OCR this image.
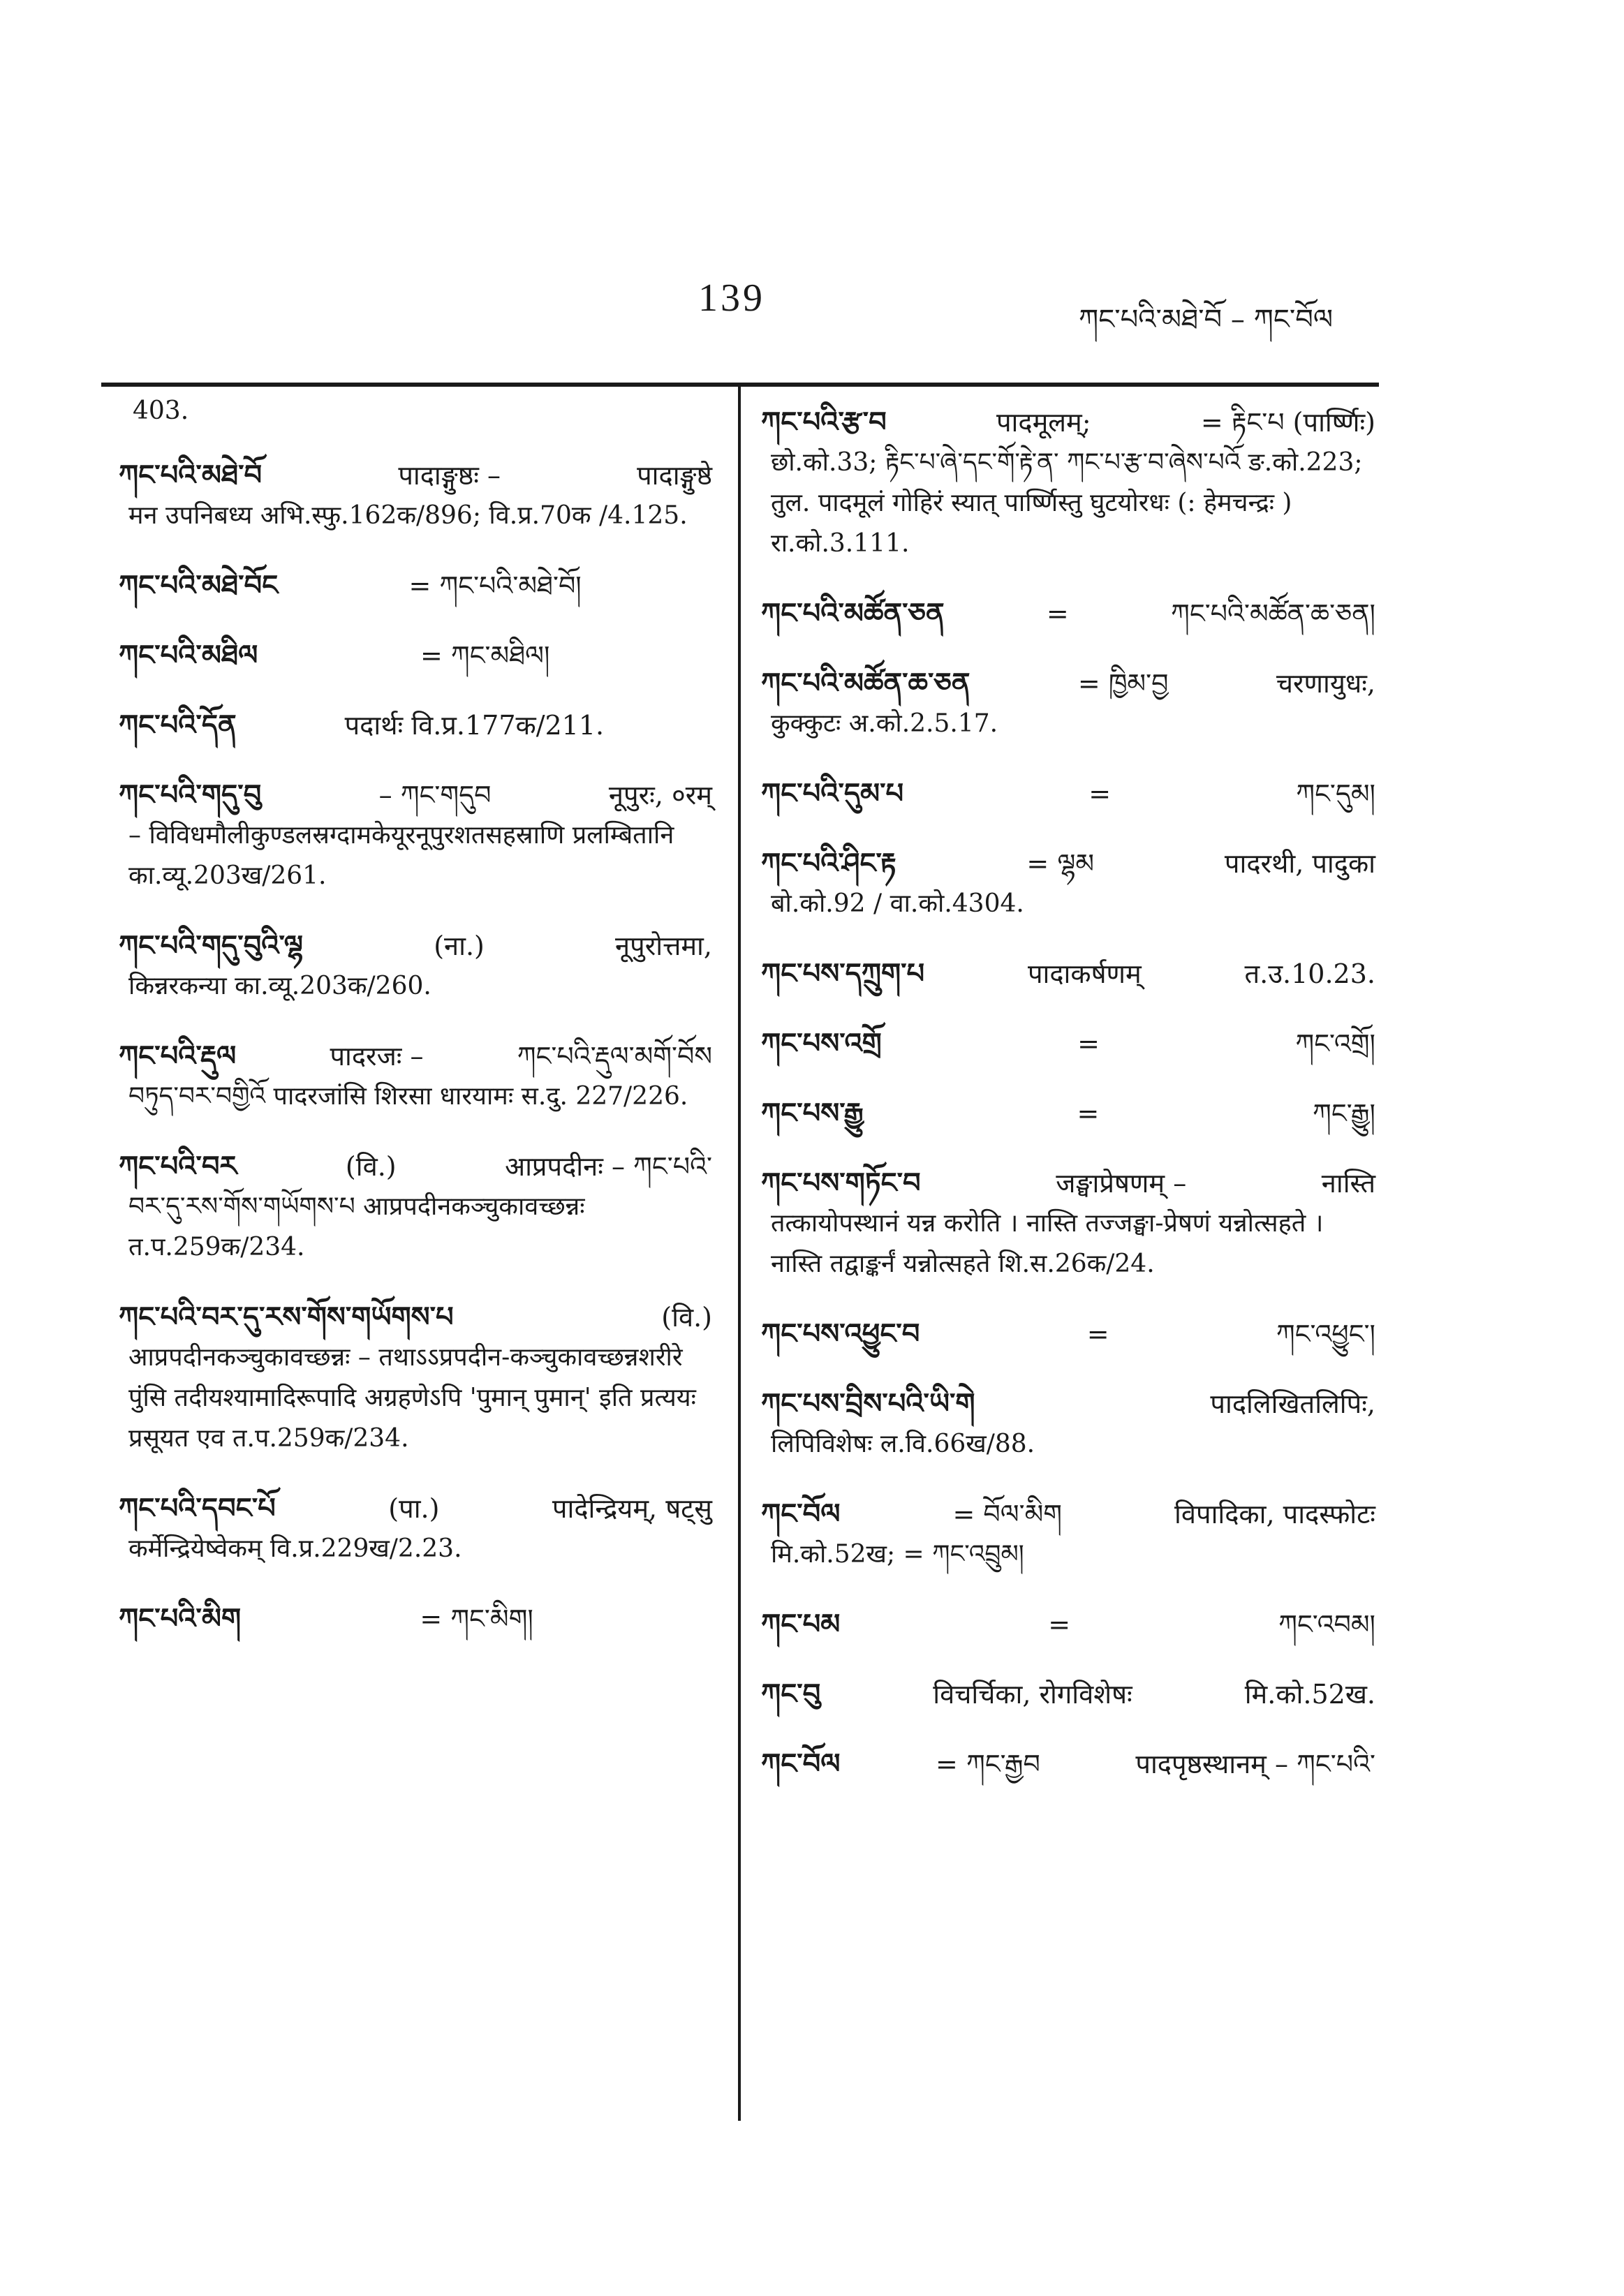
139	ཀང་པའི་མཐེ་བོ – ཀང་བོལ
403.
ཀང་པའི་མཐེ་བོ	पादाङ्गुष्ठः –	पादाङ्गुष्ठे
मन उपनिबध्य अभि.स्फु.162क/896; वि.प्र.70क /4.125.
ཀང་པའི་མཐེ་བོང	= ཀང་པའི་མཐེ་བོ།
ཀང་པའི་མཐིལ	= ཀང་མཐིལ།
ཀང་པའི་དོན	पदार्थः वि.प्र.177क/211.
ཀང་པའི་གདུ་བུ	– ཀང་གདུབ	नूपुरः, ०रम्
– विविधमौलीकुण्डलस्रग्दामकेयूरनूपुरशतसहस्राणि प्रलम्बितानि का.व्यू.203ख/261.
ཀང་པའི་གདུ་བུའི་ལྷ	(ना.)	नूपुरोत्तमा,
किन्नरकन्या का.व्यू.203क/260.
ཀང་པའི་རྡུལ	पादरजः –	ཀང་པའི་རྡུལ་མགོ་བོས
བཏུད་བར་བགྱིའོ पादरजांसि शिरसा धारयामः स.दु. 227/226.
ཀང་པའི་བར	(वि.)	आप्रपदीनः – ཀང་པའི་
བར་དུ་རས་གོས་གཡོགས་པ आप्रपदीनकञ्चुकावच्छन्नः त.प.259क/234.
ཀང་པའི་བར་དུ་རས་གོས་གཡོགས་པ	(वि.)
आप्रपदीनकञ्चुकावच्छन्नः – तथाऽऽप्रपदीन-कञ्चुकावच्छन्नशरीरे पुंसि तदीयश्यामादिरूपादि अग्रहणेऽपि 'पुमान् पुमान्' इति प्रत्ययः प्रसूयत एव त.प.259क/234.
ཀང་པའི་དབང་པོ	(पा.)	पादेन्द्रियम्, षट्सु
कर्मेन्द्रियेष्वेकम् वि.प्र.229ख/2.23.
ཀང་པའི་མིག	= ཀང་མིག།
ཀང་པའི་རྩ་བ	पादमूलम्;	= རྟིང་པ (पार्ष्णिः)
छो.को.33; རྟིང་པ་ཞེ་དང་གོ་རྟེ་ན་ ཀང་པ་རྩ་བ་ཞེས་པའོ ङ.को.223; तुल. पादमूलं गोहिरं स्यात् पार्ष्णिस्तु घुटयोरधः (: हेमचन्द्रः ) रा.को.3.111.
ཀང་པའི་མཚོན་ཅན	=	ཀང་པའི་མཚོན་ཆ་ཅན།
ཀང་པའི་མཚོན་ཆ་ཅན	= ཁྱིམ་བྱ	चरणायुधः,
कुक्कुटः अ.को.2.5.17.
ཀང་པའི་དུམ་པ	=	ཀང་དུམ།
ཀང་པའི་ཤིང་རྟ	= ལྷམ	पादरथी, पादुका
बो.को.92 / वा.को.4304.
ཀང་པས་དཀྲུག་པ	पादाकर्षणम्	त.उ.10.23.
ཀང་པས་འགྲོ	=	ཀང་འགྲོ།
ཀང་པས་རྒྱུ	=	ཀང་རྒྱུ།
ཀང་པས་གཏོང་བ	जङ्घाप्रेषणम् –	नास्ति
तत्कायोपस्थानं यन्न करोति । नास्ति तज्जङ्घा-प्रेषणं यन्नोत्सहते । नास्ति तद्वाङ्कर्नं यन्नोत्सहते शि.स.26क/24.
ཀང་པས་འཕྱུང་བ	=	ཀང་འཕྱུང་།
ཀང་པས་བྲིས་པའི་ཡི་གེ	पादलिखितलिपिः,
लिपिविशेषः ल.वि.66ख/88.
ཀང་བོལ	= བོལ་མིག	विपादिका, पादस्फोटः
मि.को.52ख; = ཀང་འབྲུམ།
ཀང་པམ	=	ཀང་འབམ།
ཀང་བུ	विचर्चिका, रोगविशेषः	मि.को.52ख.
ཀང་བོལ	= ཀང་རྒྱབ	पादपृष्ठस्थानम् – ཀང་པའི་
